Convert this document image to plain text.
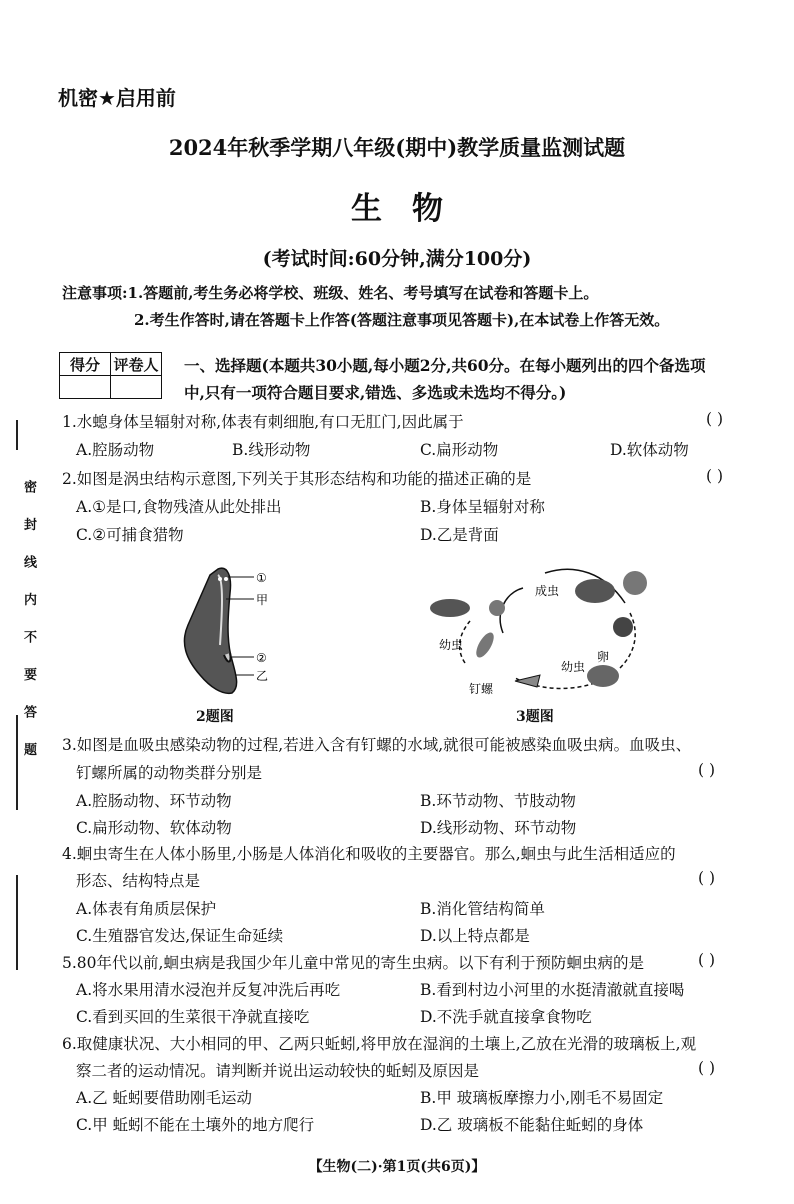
机密★启用前
2024年秋季学期八年级(期中)教学质量监测试题
生物
(考试时间:60分钟,满分100分)
注意事项:1.答题前,考生务必将学校、班级、姓名、考号填写在试卷和答题卡上。
2.考生作答时,请在答题卡上作答(答题注意事项见答题卡),在本试卷上作答无效。
得分	评卷人
	一、选择题(本题共30小题,每小题2分,共60分。在每小题列出的四个备选项
中,只有一项符合题目要求,错选、多选或未选均不得分。)
密 封 线 内 不 要 答 题
1.水螅身体呈辐射对称,体表有刺细胞,有口无肛门,因此属于	( )
A.腔肠动物	B.线形动物	C.扁形动物	D.软体动物
2.如图是涡虫结构示意图,下列关于其形态结构和功能的描述正确的是	( )
A.①是口,食物残渣从此处排出	B.身体呈辐射对称
C.②可捕食猎物	D.乙是背面
①
甲
②
乙
2题图
成虫
卵
幼虫
幼虫
钉螺
3题图
3.如图是血吸虫感染动物的过程,若进入含有钉螺的水域,就很可能被感染血吸虫病。血吸虫、
钉螺所属的动物类群分别是	( )
A.腔肠动物、环节动物	B.环节动物、节肢动物
C.扁形动物、软体动物	D.线形动物、环节动物
4.蛔虫寄生在人体小肠里,小肠是人体消化和吸收的主要器官。那么,蛔虫与此生活相适应的
形态、结构特点是	( )
A.体表有角质层保护	B.消化管结构简单
C.生殖器官发达,保证生命延续	D.以上特点都是
5.80年代以前,蛔虫病是我国少年儿童中常见的寄生虫病。以下有利于预防蛔虫病的是	( )
A.将水果用清水浸泡并反复冲洗后再吃	B.看到村边小河里的水挺清澈就直接喝
C.看到买回的生菜很干净就直接吃	D.不洗手就直接拿食物吃
6.取健康状况、大小相同的甲、乙两只蚯蚓,将甲放在湿润的土壤上,乙放在光滑的玻璃板上,观
察二者的运动情况。请判断并说出运动较快的蚯蚓及原因是	( )
A.乙 蚯蚓要借助刚毛运动	B.甲 玻璃板摩擦力小,刚毛不易固定
C.甲 蚯蚓不能在土壤外的地方爬行	D.乙 玻璃板不能黏住蚯蚓的身体
【生物(二)·第1页(共6页)】
